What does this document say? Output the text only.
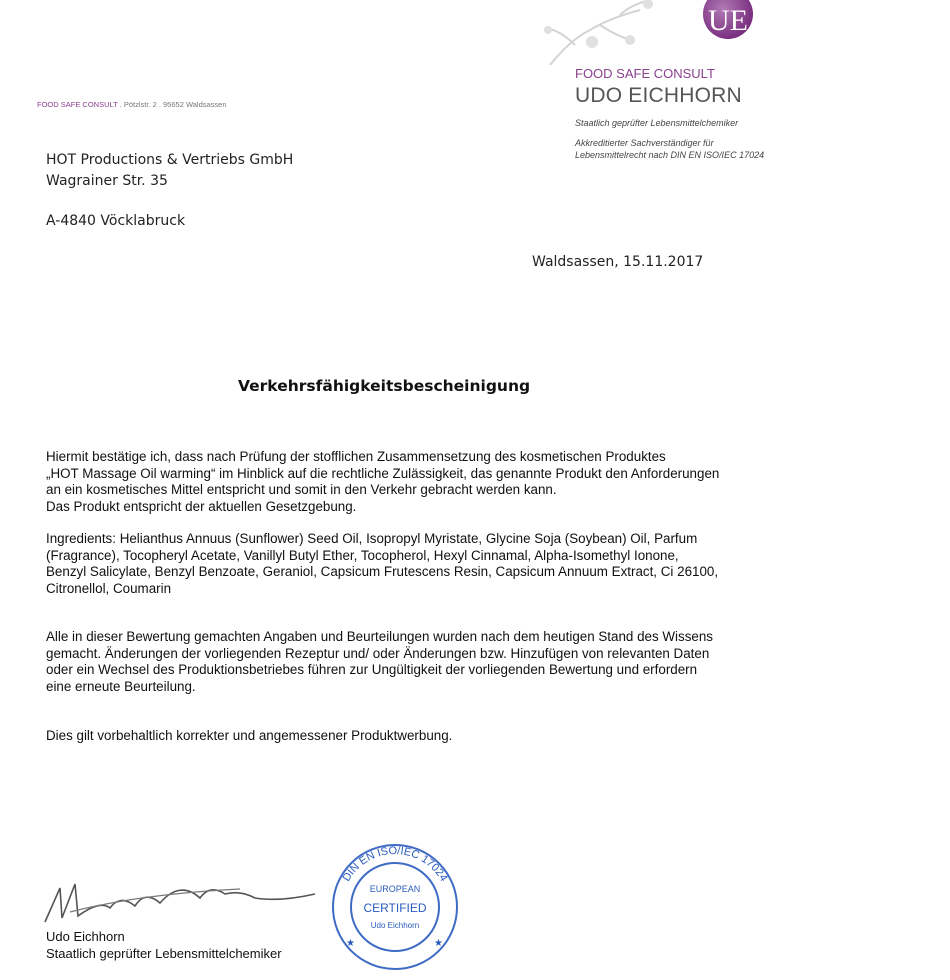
UE
FOOD SAFE CONSULT . Pötzlstr. 2 . 95652 Waldsassen
FOOD SAFE CONSULT
UDO EICHHORN
Staatlich geprüfter Lebensmittelchemiker
Akkreditierter Sachverständiger für
Lebensmittelrecht nach DIN EN ISO/IEC 17024
HOT Productions & Vertriebs GmbH
Wagrainer Str. 35
A-4840 Vöcklabruck
Waldsassen, 15.11.2017
Verkehrsfähigkeitsbescheinigung
Hiermit bestätige ich, dass nach Prüfung der stofflichen Zusammensetzung des kosmetischen Produktes
„HOT Massage Oil warming“ im Hinblick auf die rechtliche Zulässigkeit, das genannte Produkt den Anforderungen
an ein kosmetisches Mittel entspricht und somit in den Verkehr gebracht werden kann.
Das Produkt entspricht der aktuellen Gesetzgebung.
Ingredients: Helianthus Annuus (Sunflower) Seed Oil, Isopropyl Myristate, Glycine Soja (Soybean) Oil, Parfum
(Fragrance), Tocopheryl Acetate, Vanillyl Butyl Ether, Tocopherol, Hexyl Cinnamal, Alpha-Isomethyl Ionone,
Benzyl Salicylate, Benzyl Benzoate, Geraniol, Capsicum Frutescens Resin, Capsicum Annuum Extract, Ci 26100,
Citronellol, Coumarin
Alle in dieser Bewertung gemachten Angaben und Beurteilungen wurden nach dem heutigen Stand des Wissens
gemacht. Änderungen der vorliegenden Rezeptur und/ oder Änderungen bzw. Hinzufügen von relevanten Daten
oder ein Wechsel des Produktionsbetriebes führen zur Ungültigkeit der vorliegenden Bewertung und erfordern
eine erneute Beurteilung.
Dies gilt vorbehaltlich korrekter und angemessener Produktwerbung.
DIN EN ISO/IEC 17024
EUROPEAN
CERTIFIED
Udo Eichhorn
★	★
Udo Eichhorn
Staatlich geprüfter Lebensmittelchemiker
